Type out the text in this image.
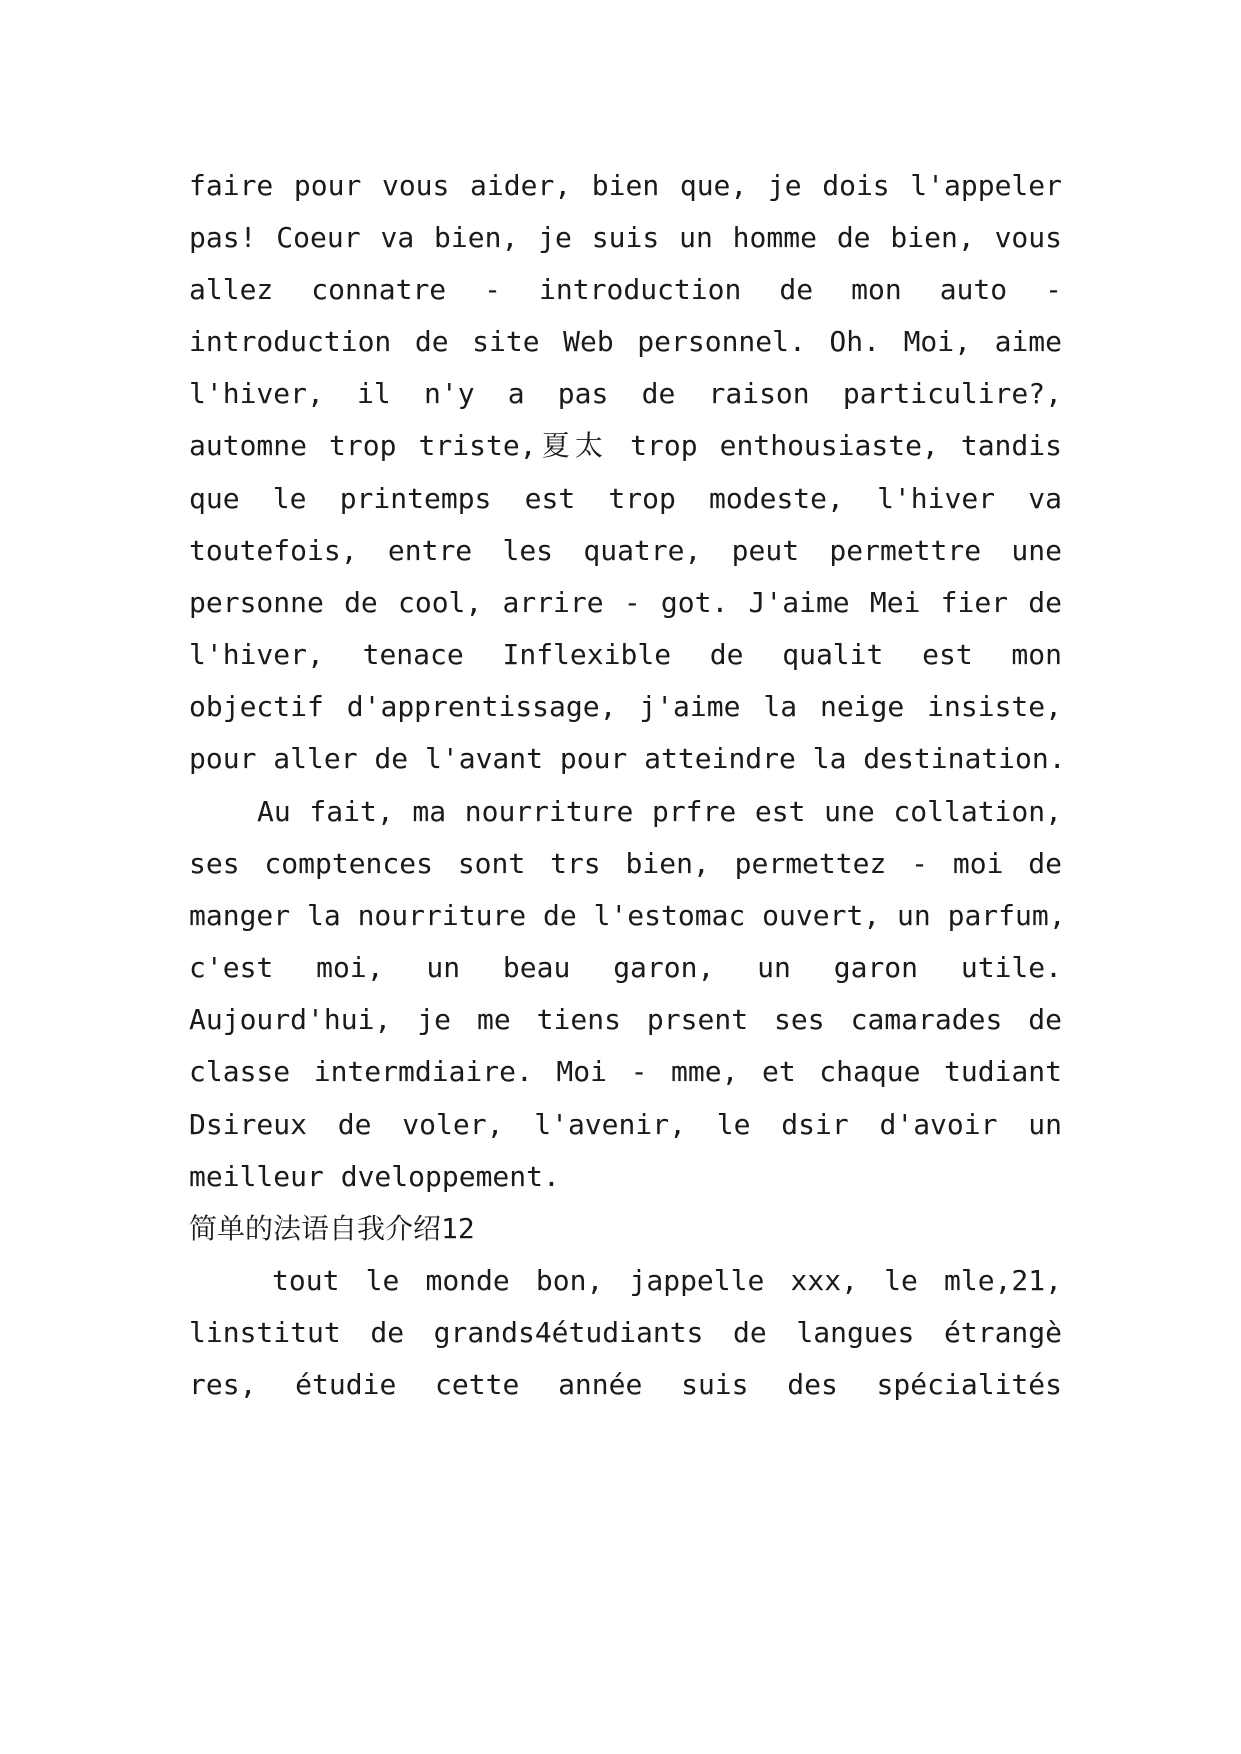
faire pour vous aider, bien que, je dois l'appeler
pas! Coeur va bien, je suis un homme de bien, vous
allez connatre - introduction de mon auto -
introduction de site Web personnel. Oh. Moi, aime
l'hiver, il n'y a pas de raison particulire?,
automne trop triste,夏太 trop enthousiaste, tandis
que le printemps est trop modeste, l'hiver va
toutefois, entre les quatre, peut permettre une
personne de cool, arrire - got. J'aime Mei fier de
l'hiver, tenace Inflexible de qualit est mon
objectif d'apprentissage, j'aime la neige insiste,
pour aller de l'avant pour atteindre la destination.
Au fait, ma nourriture prfre est une collation,
ses comptences sont trs bien, permettez - moi de
manger la nourriture de l'estomac ouvert, un parfum,
c'est moi, un beau garon, un garon utile.
Aujourd'hui, je me tiens prsent ses camarades de
classe intermdiaire. Moi - mme, et chaque tudiant
Dsireux de voler, l'avenir, le dsir d'avoir un
meilleur dveloppement.
简单的法语自我介绍12
tout le monde bon, jappelle xxx, le mle,21,
linstitut de grands4étudiants de langues étrangè
res, étudie cette année suis des spécialités
